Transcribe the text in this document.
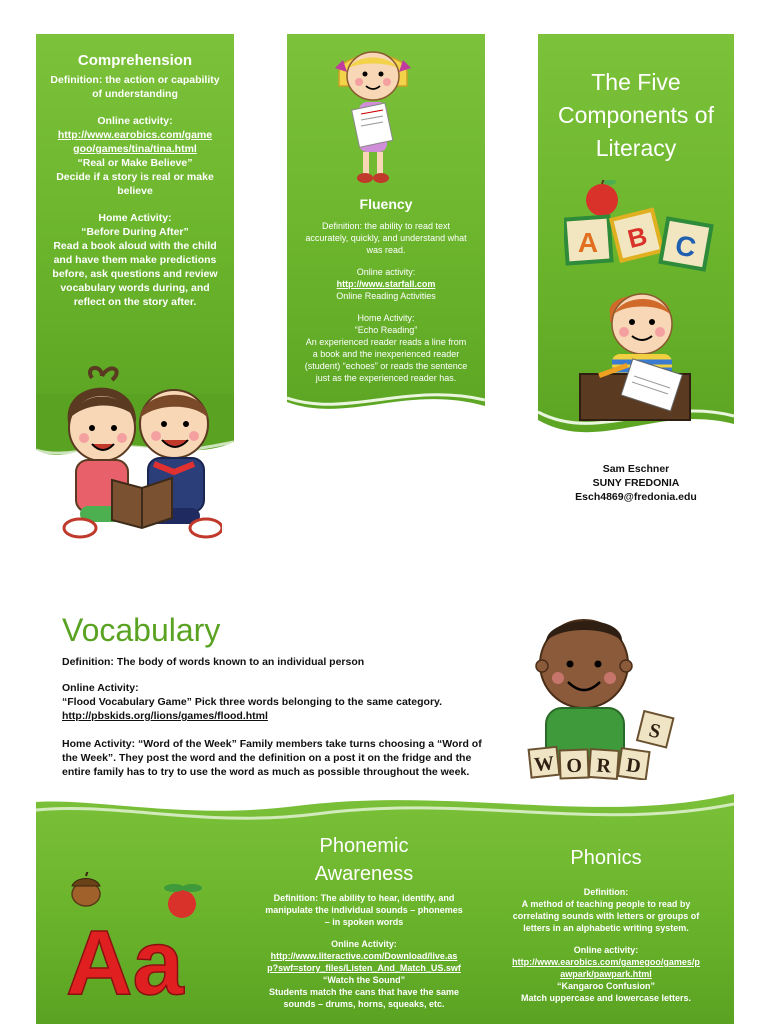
Comprehension
Definition: the action or capability of understanding
Online activity:
http://www.earobics.com/game
goo/games/tina/tina.html
“Real or Make Believe”
Decide if a story is real or make believe
Home Activity:
“Before During After”
Read a book aloud with the child and have them make predictions before, ask questions and review vocabulary words during, and reflect on the story after.
Fluency
Definition: the ability to read text accurately, quickly, and understand what was read.
Online activity:
http://www.starfall.com
Online Reading Activities
Home Activity:
“Echo Reading”
An experienced reader reads a line from a book and the inexperienced reader (student) “echoes” or reads the sentence just as the experienced reader has.
The Five Components of Literacy
A B C
Sam Eschner
SUNY FREDONIA
Esch4869@fredonia.edu
Vocabulary
Definition: The body of words known to an individual person
Online Activity:
“Flood Vocabulary Game” Pick three words belonging to the same category.
http://pbskids.org/lions/games/flood.html
Home Activity: “Word of the Week” Family members take turns choosing a “Word of the Week”. They post the word and the definition on a post it on the fridge and the entire family has to try to use the word as much as possible throughout the week.	W O R D
S
Aa
Phonemic
Awareness
Definition: The ability to hear, identify, and manipulate the individual sounds – phonemes – in spoken words
Online Activity:
http://www.literactive.com/Download/live.as
p?swf=story_files/Listen_And_Match_US.swf
“Watch the Sound”
Students match the cans that have the same sounds – drums, horns, squeaks, etc.
Phonics
Definition:
A method of teaching people to read by correlating sounds with letters or groups of letters in an alphabetic writing system.
Online activity:
http://www.earobics.com/gamegoo/games/p
awpark/pawpark.html
“Kangaroo Confusion”
Match uppercase and lowercase letters.
